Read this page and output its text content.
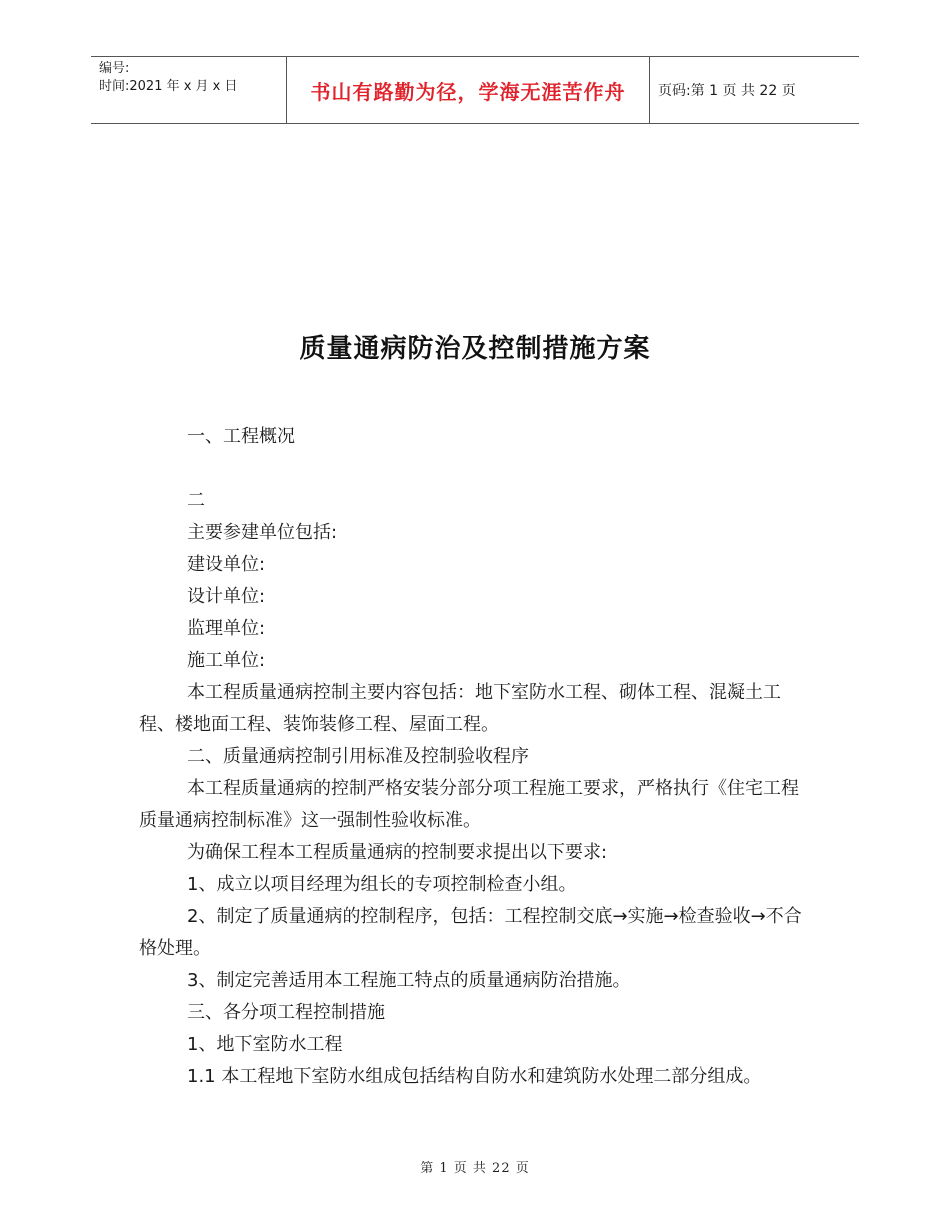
编号:
时间:2021 年 x 月 x 日	书山有路勤为径，学海无涯苦作舟	页码:第 1 页 共 22 页
质量通病防治及控制措施方案
一、工程概况
二
主要参建单位包括:
建设单位:
设计单位:
监理单位:
施工单位:
本工程质量通病控制主要内容包括：地下室防水工程、砌体工程、混凝土工程、楼地面工程、装饰装修工程、屋面工程。
二、质量通病控制引用标准及控制验收程序
本工程质量通病的控制严格安装分部分项工程施工要求，严格执行《住宅工程质量通病控制标准》这一强制性验收标准。
为确保工程本工程质量通病的控制要求提出以下要求:
1、成立以项目经理为组长的专项控制检查小组。
2、制定了质量通病的控制程序，包括：工程控制交底→实施→检查验收→不合格处理。
3、制定完善适用本工程施工特点的质量通病防治措施。
三、各分项工程控制措施
1、地下室防水工程
1.1 本工程地下室防水组成包括结构自防水和建筑防水处理二部分组成。
第 1 页 共 22 页
